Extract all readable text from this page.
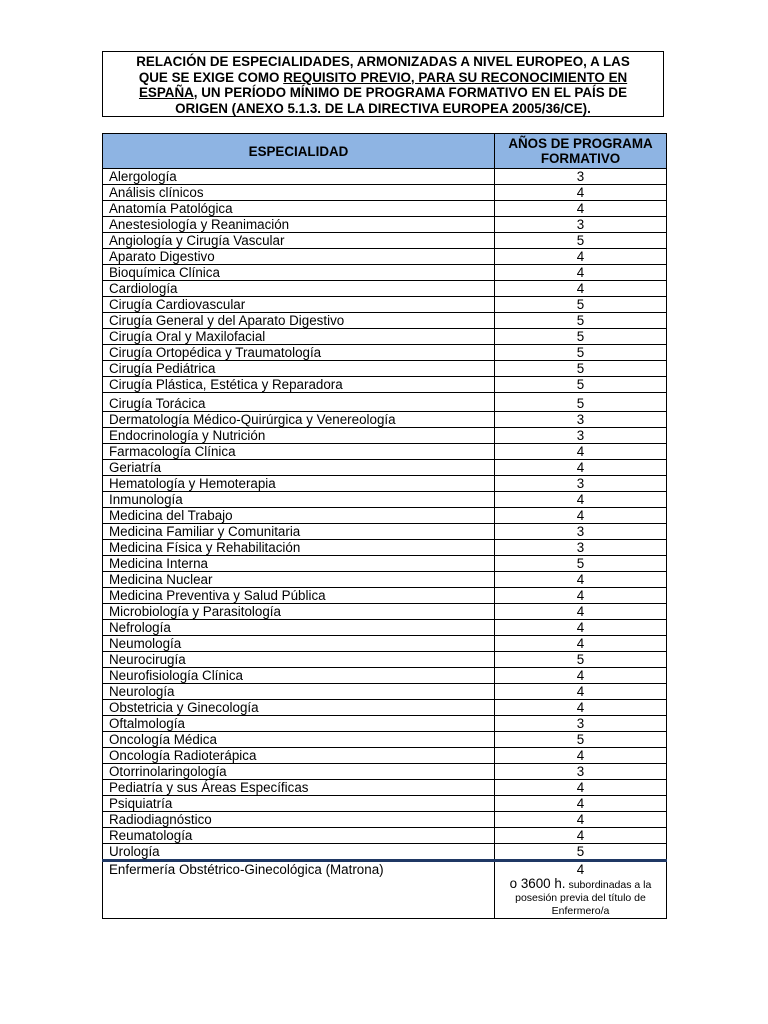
RELACIÓN DE ESPECIALIDADES, ARMONIZADAS A NIVEL EUROPEO, A LAS
QUE SE EXIGE COMO REQUISITO PREVIO, PARA SU RECONOCIMIENTO EN
ESPAÑA, UN PERÍODO MÍNIMO DE PROGRAMA FORMATIVO EN EL PAÍS DE
ORIGEN (ANEXO 5.1.3. DE LA DIRECTIVA EUROPEA 2005/36/CE).
ESPECIALIDAD	AÑOS DE PROGRAMA FORMATIVO
Alergología	3
Análisis clínicos	4
Anatomía Patológica	4
Anestesiología y Reanimación	3
Angiología y Cirugía Vascular	5
Aparato Digestivo	4
Bioquímica Clínica	4
Cardiología	4
Cirugía Cardiovascular	5
Cirugía General y del Aparato Digestivo	5
Cirugía Oral y Maxilofacial	5
Cirugía Ortopédica y Traumatología	5
Cirugía Pediátrica	5
Cirugía Plástica, Estética y Reparadora	5
Cirugía Torácica	5
Dermatología Médico-Quirúrgica y Venereología	3
Endocrinología y Nutrición	3
Farmacología Clínica	4
Geriatría	4
Hematología y Hemoterapia	3
Inmunología	4
Medicina del Trabajo	4
Medicina Familiar y Comunitaria	3
Medicina Física y Rehabilitación	3
Medicina Interna	5
Medicina Nuclear	4
Medicina Preventiva y Salud Pública	4
Microbiología y Parasitología	4
Nefrología	4
Neumología	4
Neurocirugía	5
Neurofisiología Clínica	4
Neurología	4
Obstetricia y Ginecología	4
Oftalmología	3
Oncología Médica	5
Oncología Radioterápica	4
Otorrinolaringología	3
Pediatría y sus Áreas Específicas	4
Psiquiatría	4
Radiodiagnóstico	4
Reumatología	4
Urología	5
Enfermería Obstétrico-Ginecológica (Matrona)	4
o 3600 h. subordinadas a la
posesión previa del título de
Enfermero/a
